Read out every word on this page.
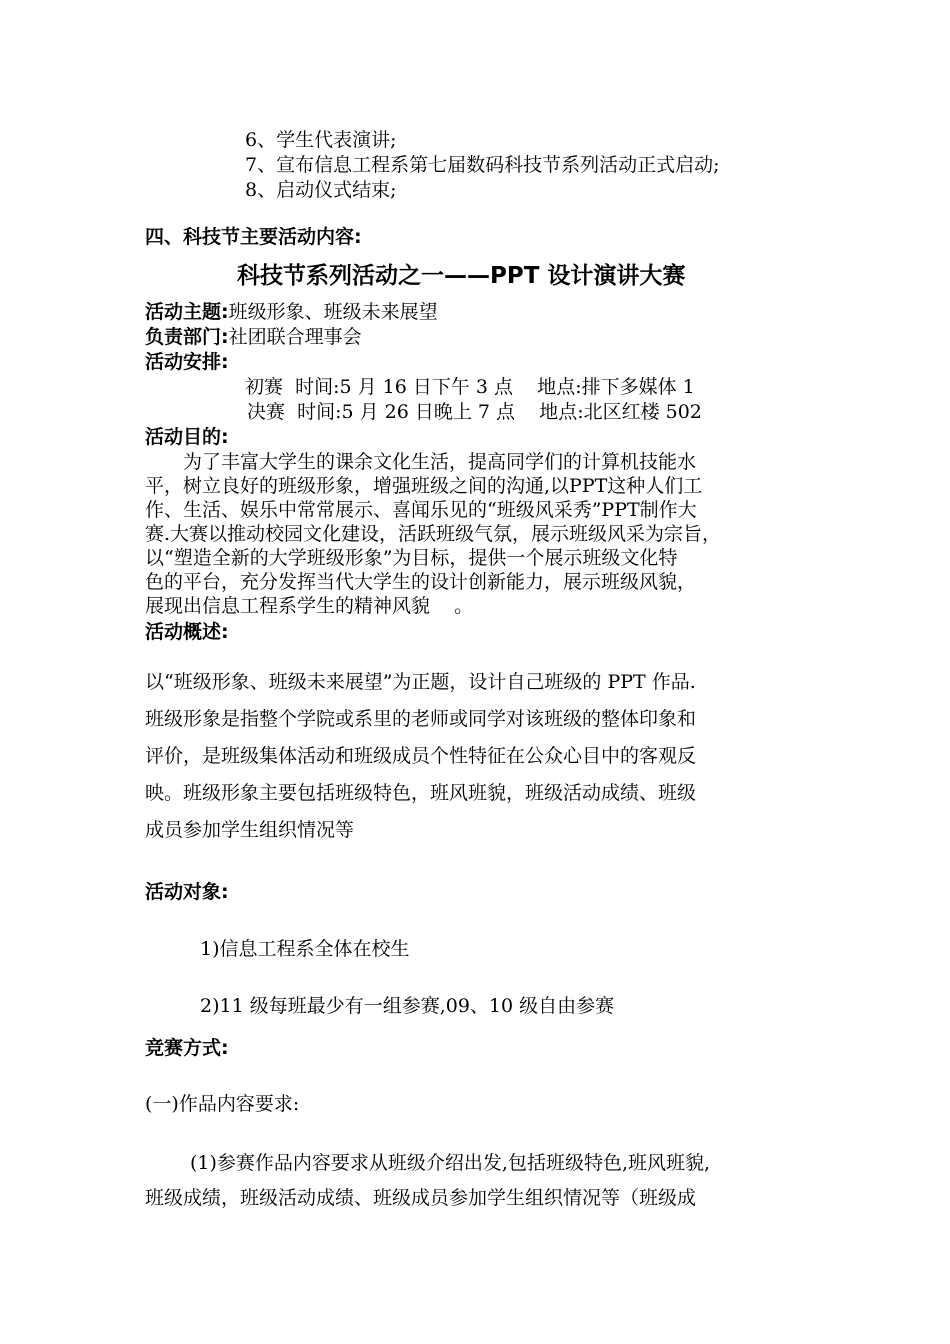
6、学生代表演讲;
7、宣布信息工程系第七届数码科技节系列活动正式启动;
8、启动仪式结束;
四、科技节主要活动内容:
科技节系列活动之一——PPT 设计演讲大赛
活动主题:班级形象、班级未来展望
负责部门:社团联合理事会
活动安排:
初赛  时间:5 月 16 日下午 3 点    地点:排下多媒体 1
决赛  时间:5 月 26 日晚上 7 点    地点:北区红楼 502
活动目的:
为了丰富大学生的课余文化生活，提高同学们的计算机技能水
平，树立良好的班级形象，增强班级之间的沟通,以PPT这种人们工
作、生活、娱乐中常常展示、喜闻乐见的“班级风采秀”PPT制作大
赛.大赛以推动校园文化建设，活跃班级气氛，展示班级风采为宗旨，
以“塑造全新的大学班级形象”为目标，提供一个展示班级文化特
色的平台，充分发挥当代大学生的设计创新能力，展示班级风貌，
展现出信息工程系学生的精神风貌    。
活动概述:
以“班级形象、班级未来展望”为正题，设计自己班级的 PPT 作品.
班级形象是指整个学院或系里的老师或同学对该班级的整体印象和
评价，是班级集体活动和班级成员个性特征在公众心目中的客观反
映。班级形象主要包括班级特色，班风班貌，班级活动成绩、班级
成员参加学生组织情况等
活动对象:
1)信息工程系全体在校生
2)11 级每班最少有一组参赛,09、10 级自由参赛
竞赛方式:
(一)作品内容要求:
(1)参赛作品内容要求从班级介绍出发,包括班级特色,班风班貌,
班级成绩，班级活动成绩、班级成员参加学生组织情况等（班级成
